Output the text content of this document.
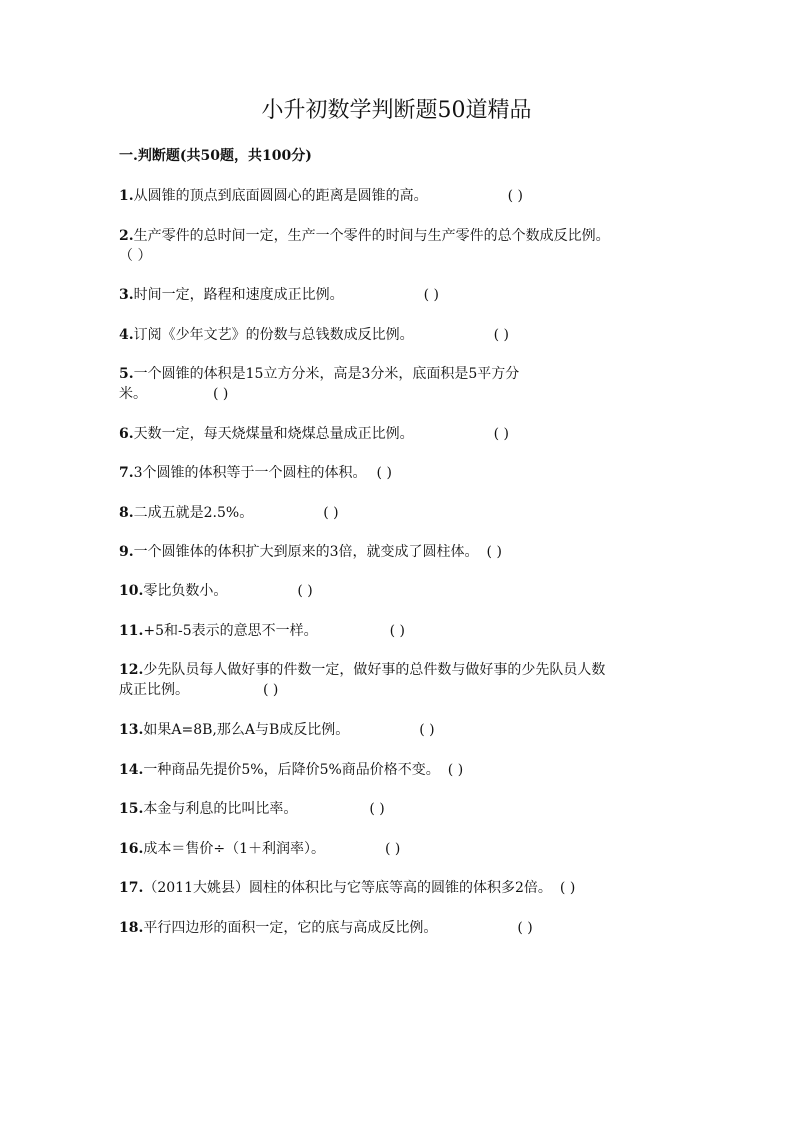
小升初数学判断题50道精品
一.判断题(共50题，共100分)
1.从圆锥的顶点到底面圆圆心的距离是圆锥的高。	( )
2.生产零件的总时间一定，生产一个零件的时间与生产零件的总个数成反比例。
（ ）
3.时间一定，路程和速度成正比例。	( )
4.订阅《少年文艺》的份数与总钱数成反比例。	( )
5.一个圆锥的体积是15立方分米，高是3分米，底面积是5平方分
米。	( )
6.天数一定，每天烧煤量和烧煤总量成正比例。	( )
7.3个圆锥的体积等于一个圆柱的体积。 ( )
8.二成五就是2.5%。	( )
9.一个圆锥体的体积扩大到原来的3倍，就变成了圆柱体。 ( )
10.零比负数小。	( )
11.+5和-5表示的意思不一样。	( )
12.少先队员每人做好事的件数一定，做好事的总件数与做好事的少先队员人数
成正比例。	( )
13.如果A=8B,那么A与B成反比例。	( )
14.一种商品先提价5%，后降价5%商品价格不变。 ( )
15.本金与利息的比叫比率。	( )
16.成本＝售价÷（1＋利润率）。	( )
17.（2011大姚县）圆柱的体积比与它等底等高的圆锥的体积多2倍。 ( )
18.平行四边形的面积一定，它的底与高成反比例。	( )
